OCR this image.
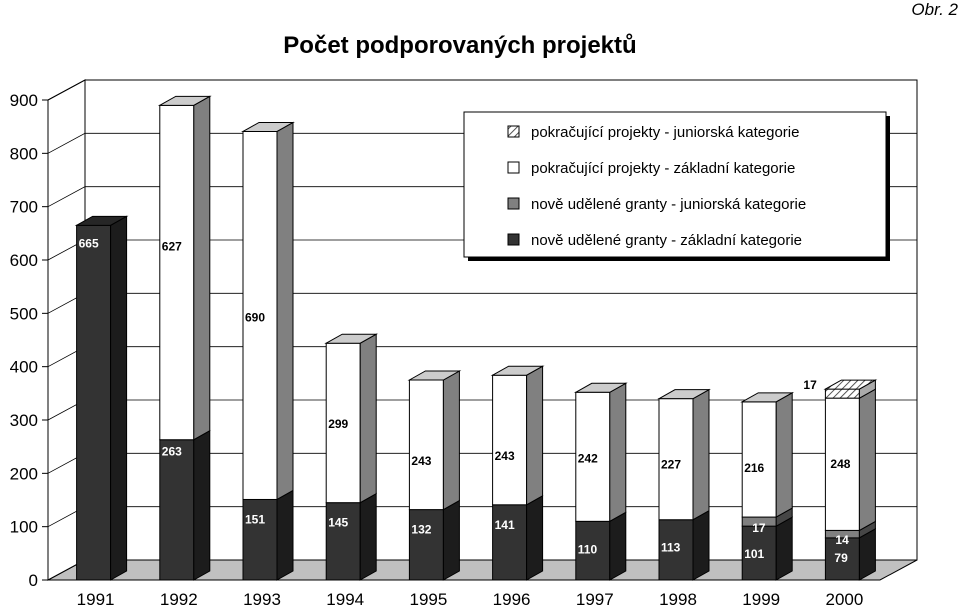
Počet podporovaných projektů
Obr. 2
0
100
200
300
400
500
600
700
800
900
665
263
627
151
690
145
299
132
243
141
243
110
242
113
227
101
17
216
79
14
248
17
1991	1992	1993	1994	1995	1996	1997	1998	1999	2000
pokračující projekty - juniorská kategorie
pokračující projekty - základní kategorie
nově udělené granty - juniorská kategorie
nově udělené granty - základní kategorie
